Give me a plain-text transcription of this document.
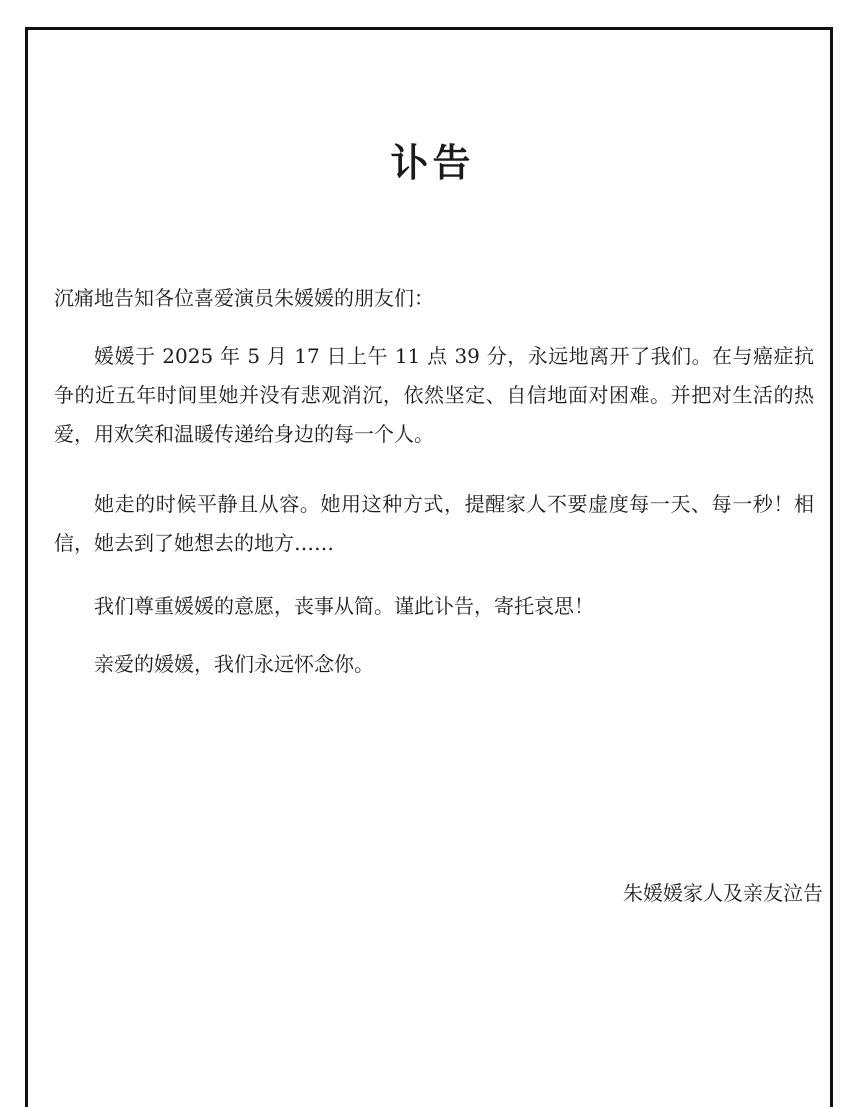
讣告
沉痛地告知各位喜爱演员朱媛媛的朋友们：
媛媛于 2025 年 5 月 17 日上午 11 点 39 分，永远地离开了我们。在与癌症抗争的近五年时间里她并没有悲观消沉，依然坚定、自信地面对困难。并把对生活的热爱，用欢笑和温暖传递给身边的每一个人。
她走的时候平静且从容。她用这种方式，提醒家人不要虚度每一天、每一秒！相信，她去到了她想去的地方……
我们尊重媛媛的意愿，丧事从简。谨此讣告，寄托哀思！
亲爱的媛媛，我们永远怀念你。
朱媛媛家人及亲友泣告
